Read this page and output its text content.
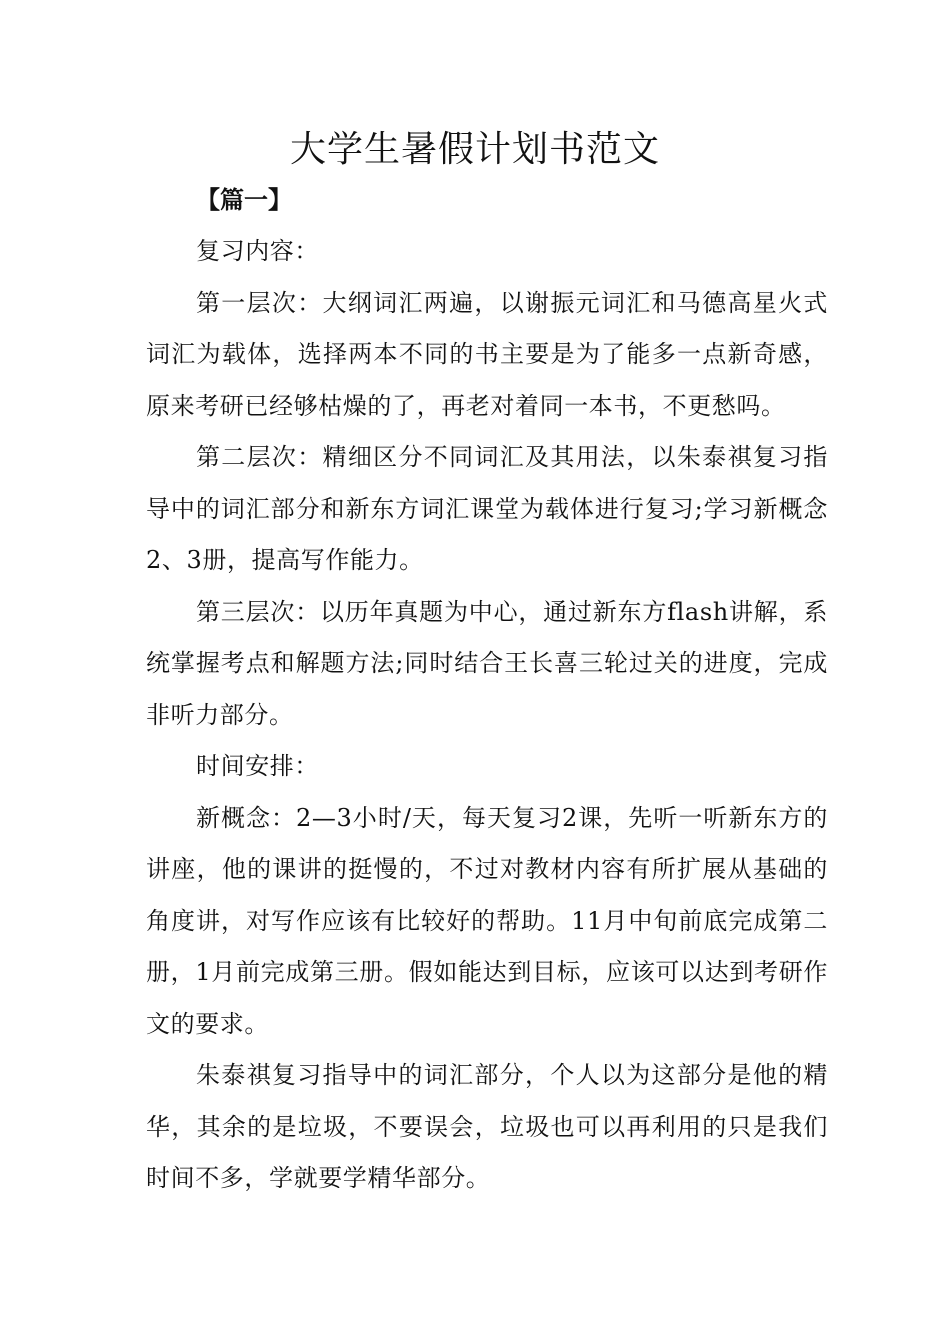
大学生暑假计划书范文
【篇一】

复习内容：

第一层次：大纲词汇两遍，以谢振元词汇和马德高星火式词汇为载体，选择两本不同的书主要是为了能多一点新奇感，原来考研已经够枯燥的了，再老对着同一本书，不更愁吗。

第二层次：精细区分不同词汇及其用法，以朱泰祺复习指导中的词汇部分和新东方词汇课堂为载体进行复习;学习新概念2、3册，提高写作能力。

第三层次：以历年真题为中心，通过新东方flash讲解，系统掌握考点和解题方法;同时结合王长喜三轮过关的进度，完成非听力部分。

时间安排：

新概念：2—3小时/天，每天复习2课，先听一听新东方的讲座，他的课讲的挺慢的，不过对教材内容有所扩展从基础的角度讲，对写作应该有比较好的帮助。11月中旬前底完成第二册，1月前完成第三册。假如能达到目标，应该可以达到考研作文的要求。

朱泰祺复习指导中的词汇部分，个人以为这部分是他的精华，其余的是垃圾，不要误会，垃圾也可以再利用的只是我们时间不多，学就要学精华部分。
